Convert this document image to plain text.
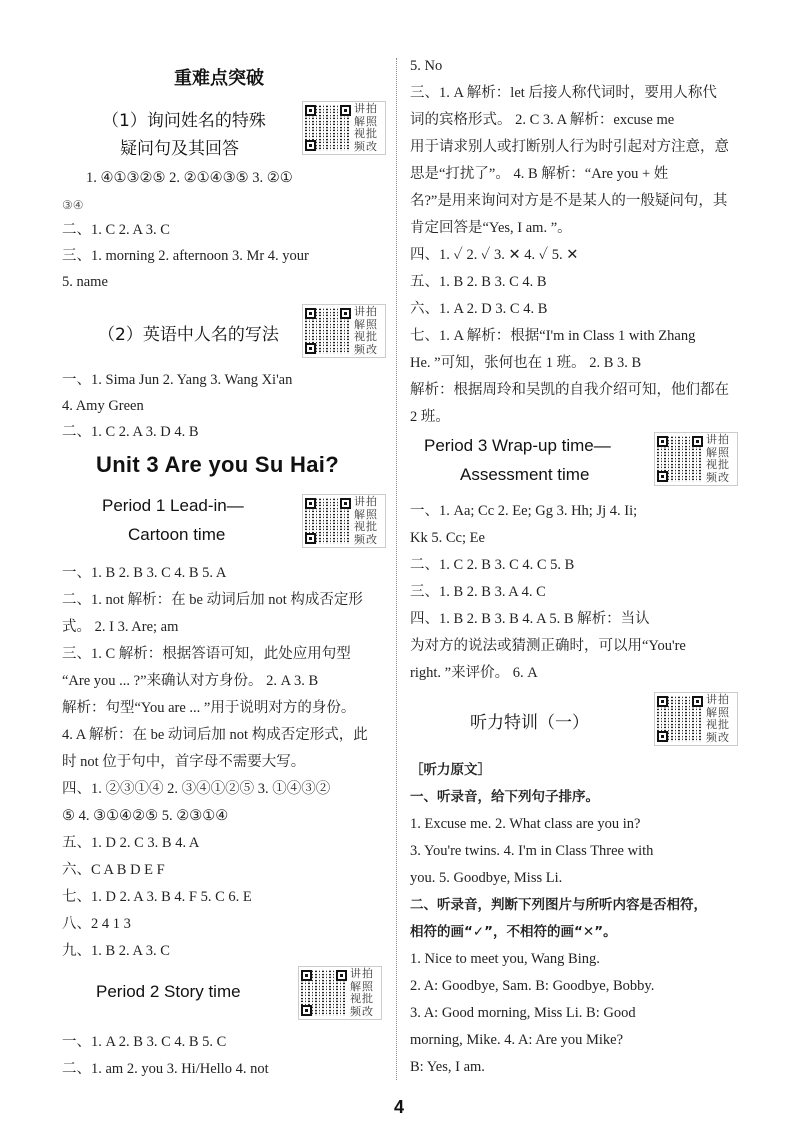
重难点突破
（1）询问姓名的特殊
疑问句及其回答
讲
解
视
频
拍
照
批
改
1. ④①③②⑤ 2. ②①④③⑤ 3. ②①
③④
二、1. C 2. A 3. C
三、1. morning 2. afternoon 3. Mr 4. your
5. name
（2）英语中人名的写法
讲
解
视
频
拍
照
批
改
一、1. Sima Jun 2. Yang 3. Wang Xi'an
4. Amy Green
二、1. C 2. A 3. D 4. B
Unit 3 Are you Su Hai?
Period 1 Lead-in—
Cartoon time
讲
解
视
频
拍
照
批
改
一、1. B 2. B 3. C 4. B 5. A
二、1. not 解析：在 be 动词后加 not 构成否定形
式。 2. I 3. Are; am
三、1. C 解析：根据答语可知，此处应用句型
“Are you ... ?”来确认对方身份。 2. A 3. B
解析：句型“You are ... ”用于说明对方的身份。
4. A 解析：在 be 动词后加 not 构成否定形式，此
时 not 位于句中，首字母不需要大写。
四、1. ②③①④ 2. ③④①②⑤ 3. ①④③②
⑤ 4. ③①④②⑤ 5. ②③①④
五、1. D 2. C 3. B 4. A
六、C A B D E F
七、1. D 2. A 3. B 4. F 5. C 6. E
八、2 4 1 3
九、1. B 2. A 3. C
Period 2 Story time
讲
解
视
频
拍
照
批
改
一、1. A 2. B 3. C 4. B 5. C
二、1. am 2. you 3. Hi/Hello 4. not
5. No
三、1. A 解析：let 后接人称代词时，要用人称代
词的宾格形式。 2. C 3. A 解析：excuse me
用于请求别人或打断别人行为时引起对方注意，意
思是“打扰了”。 4. B 解析：“Are you + 姓
名?”是用来询问对方是不是某人的一般疑问句，其
肯定回答是“Yes, I am. ”。
四、1. ✓ 2. ✓ 3. ✕ 4. ✓ 5. ✕
五、1. B 2. B 3. C 4. B
六、1. A 2. D 3. C 4. B
七、1. A 解析：根据“I'm in Class 1 with Zhang
He. ”可知，张何也在 1 班。 2. B 3. B
解析：根据周玲和吴凯的自我介绍可知，他们都在
2 班。
Period 3 Wrap-up time—
Assessment time
讲
解
视
频
拍
照
批
改
一、1. Aa; Cc 2. Ee; Gg 3. Hh; Jj 4. Ii;
Kk 5. Cc; Ee
二、1. C 2. B 3. C 4. C 5. B
三、1. B 2. B 3. A 4. C
四、1. B 2. B 3. B 4. A 5. B 解析：当认
为对方的说法或猜测正确时，可以用“You're
right. ”来评价。 6. A
听力特训（一）
讲
解
视
频
拍
照
批
改
［听力原文］
一、听录音，给下列句子排序。
1. Excuse me. 2. What class are you in?
3. You're twins. 4. I'm in Class Three with
you. 5. Goodbye, Miss Li.
二、听录音，判断下列图片与所听内容是否相符，
相符的画“✓”，不相符的画“✕”。
1. Nice to meet you, Wang Bing.
2. A: Goodbye, Sam. B: Goodbye, Bobby.
3. A: Good morning, Miss Li. B: Good
morning, Mike. 4. A: Are you Mike?
B: Yes, I am.
4
